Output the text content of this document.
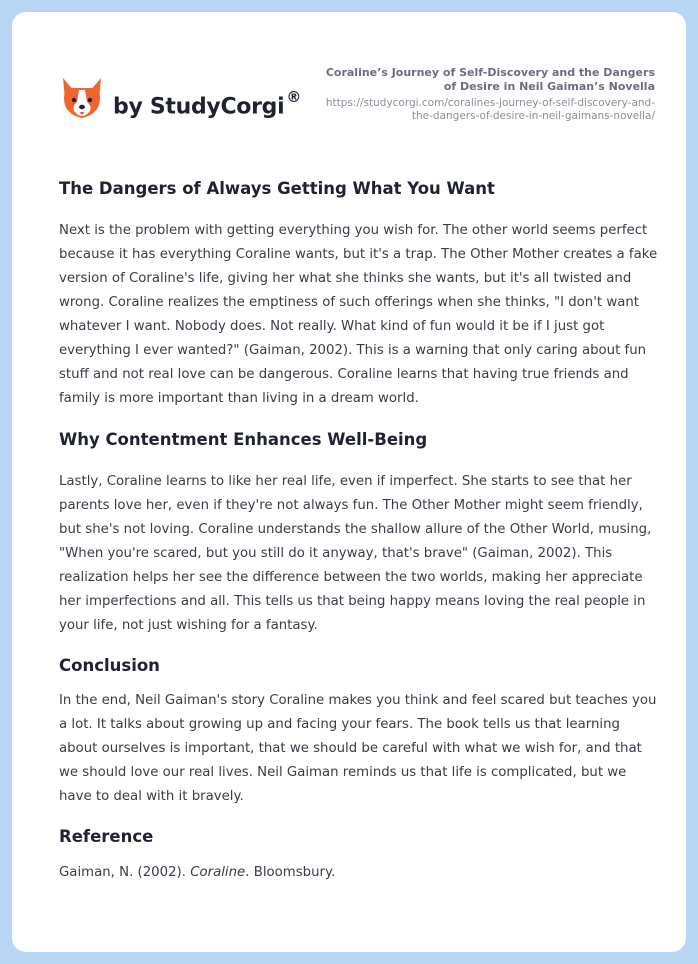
by StudyCorgi ®
Coraline’s Journey of Self-Discovery and the Dangers of Desire in Neil Gaiman’s Novella
https://studycorgi.com/coralines-journey-of-self-discovery-and-the-dangers-of-desire-in-neil-gaimans-novella/
The Dangers of Always Getting What You Want

Next is the problem with getting everything you wish for. The other world seems perfect because it has everything Coraline wants, but it's a trap. The Other Mother creates a fake version of Coraline's life, giving her what she thinks she wants, but it's all twisted and wrong. Coraline realizes the emptiness of such offerings when she thinks, "I don't want whatever I want. Nobody does. Not really. What kind of fun would it be if I just got everything I ever wanted?" (Gaiman, 2002). This is a warning that only caring about fun stuff and not real love can be dangerous. Coraline learns that having true friends and family is more important than living in a dream world.

Why Contentment Enhances Well-Being

Lastly, Coraline learns to like her real life, even if imperfect. She starts to see that her parents love her, even if they're not always fun. The Other Mother might seem friendly, but she's not loving. Coraline understands the shallow allure of the Other World, musing, "When you're scared, but you still do it anyway, that's brave" (Gaiman, 2002). This realization helps her see the difference between the two worlds, making her appreciate her imperfections and all. This tells us that being happy means loving the real people in your life, not just wishing for a fantasy.

Conclusion

In the end, Neil Gaiman's story Coraline makes you think and feel scared but teaches you a lot. It talks about growing up and facing your fears. The book tells us that learning about ourselves is important, that we should be careful with what we wish for, and that we should love our real lives. Neil Gaiman reminds us that life is complicated, but we have to deal with it bravely.

Reference

Gaiman, N. (2002). Coraline. Bloomsbury.
